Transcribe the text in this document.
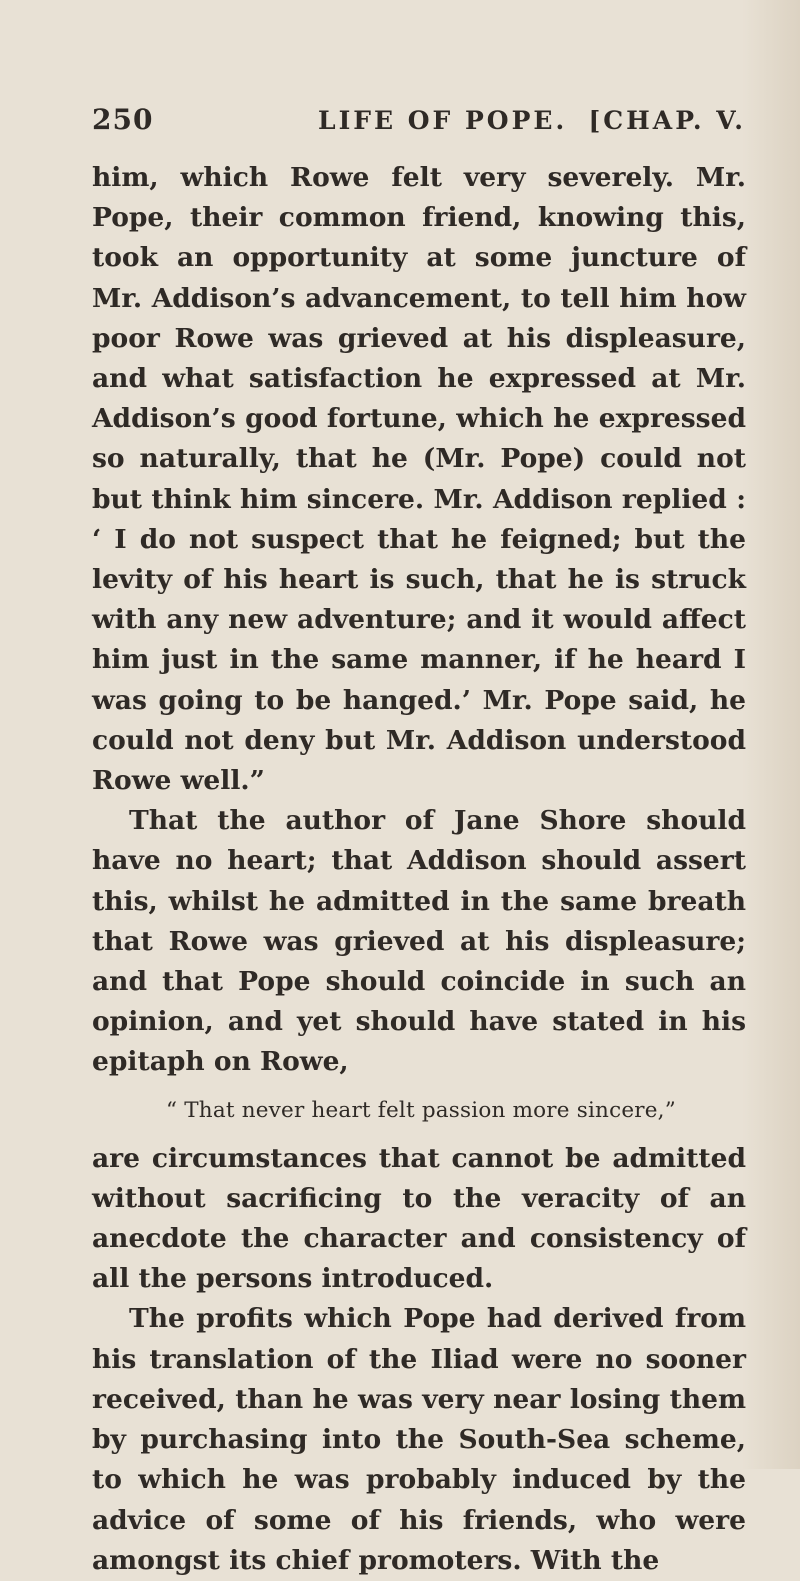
250	LIFE OF POPE. [CHAP. V.

him, which Rowe felt very severely. Mr. Pope, their common friend, knowing this, took an opportunity at some juncture of Mr. Addison’s advancement, to tell him how poor Rowe was grieved at his displeasure, and what satisfaction he expressed at Mr. Addison’s good fortune, which he expressed so naturally, that he (Mr. Pope) could not but think him sincere. Mr. Addison replied : ‘ I do not suspect that he feigned; but the levity of his heart is such, that he is struck with any new adventure; and it would affect him just in the same manner, if he heard I was going to be hanged.’ Mr. Pope said, he could not deny but Mr. Addison understood Rowe well.”

That the author of Jane Shore should have no heart; that Addison should assert this, whilst he admitted in the same breath that Rowe was grieved at his displeasure; and that Pope should coincide in such an opinion, and yet should have stated in his epitaph on Rowe,

“ That never heart felt passion more sincere,”

are circumstances that cannot be admitted without sacrificing to the veracity of an anecdote the character and consistency of all the persons introduced.

The profits which Pope had derived from his translation of the Iliad were no sooner received, than he was very near losing them by purchasing into the South-Sea scheme, to which he was probably induced by the advice of some of his friends, who were amongst its chief promoters. With the
